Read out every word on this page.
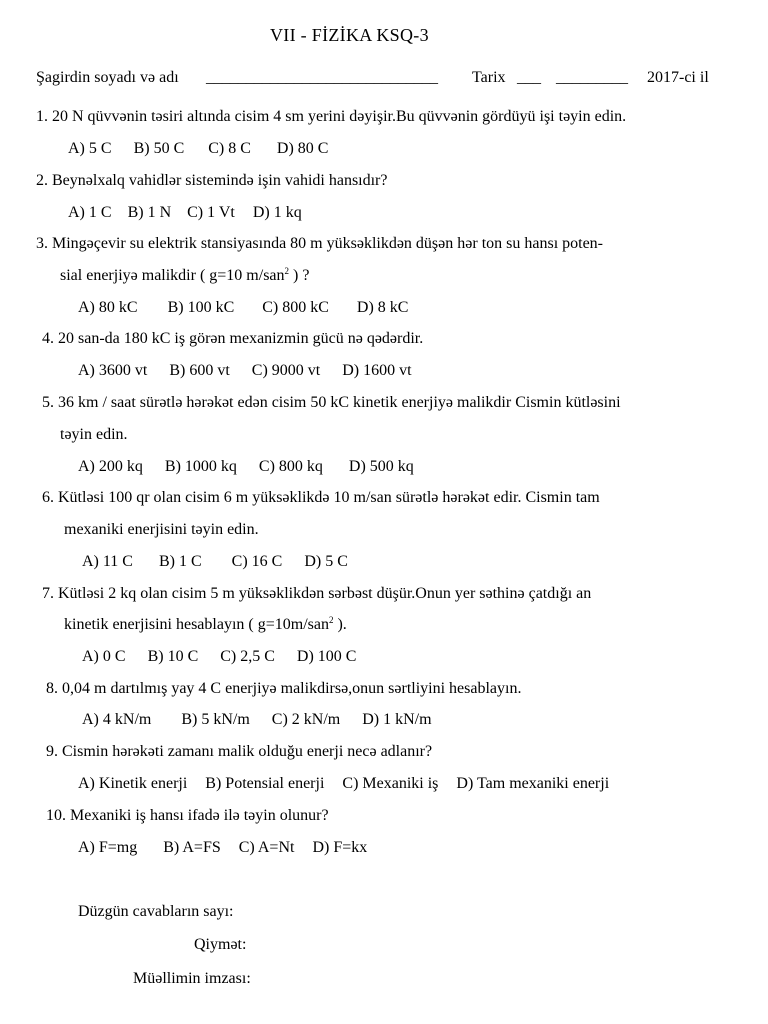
VII - FİZİKA KSQ-3
Şagirdin soyadı və adı _____________________________ Tarix ___ _________ 2017-ci il
1. 20 N qüvvənin təsiri altında cisim 4 sm yerini dəyişir.Bu qüvvənin gördüyü işi təyin edin.
A) 5 C B) 50 C C) 8 C D) 80 C
2. Beynəlxalq vahidlər sistemində işin vahidi hansıdır?
A) 1 C B) 1 N C) 1 Vt D) 1 kq
3. Mingəçevir su elektrik stansiyasında 80 m yüksəklikdən düşən hər ton su hansı poten-
sial enerjiyə malikdir ( g=10 m/san$^2$ ) ?
A) 80 kC B) 100 kC C) 800 kC D) 8 kC
4. 20 san-da 180 kC iş görən mexanizmin gücü nə qədərdir.
A) 3600 vt B) 600 vt C) 9000 vt D) 1600 vt
5. 36 km / saat sürətlə hərəkət edən cisim 50 kC kinetik enerjiyə malikdir Cismin kütləsini
təyin edin.
A) 200 kq B) 1000 kq C) 800 kq D) 500 kq
6. Kütləsi 100 qr olan cisim 6 m yüksəklikdə 10 m/san sürətlə hərəkət edir. Cismin tam
mexaniki enerjisini təyin edin.
A) 11 C B) 1 C C) 16 C D) 5 C
7. Kütləsi 2 kq olan cisim 5 m yüksəklikdən sərbəst düşür.Onun yer səthinə çatdığı an
kinetik enerjisini hesablayın ( g=10m/san$^2$ ).
A) 0 C B) 10 C C) 2,5 C D) 100 C
8. 0,04 m dartılmış yay 4 C enerjiyə malikdirsə,onun sərtliyini hesablayın.
A) 4 kN/m B) 5 kN/m C) 2 kN/m D) 1 kN/m
9. Cismin hərəkəti zamanı malik olduğu enerji necə adlanır?
A) Kinetik enerji B) Potensial enerji C) Mexaniki iş D) Tam mexaniki enerji
10. Mexaniki iş hansı ifadə ilə təyin olunur?
A) F=mg B) A=FS C) A=Nt D) F=kx
Düzgün cavabların sayı:
Qiymət:
Müəllimin imzası:
